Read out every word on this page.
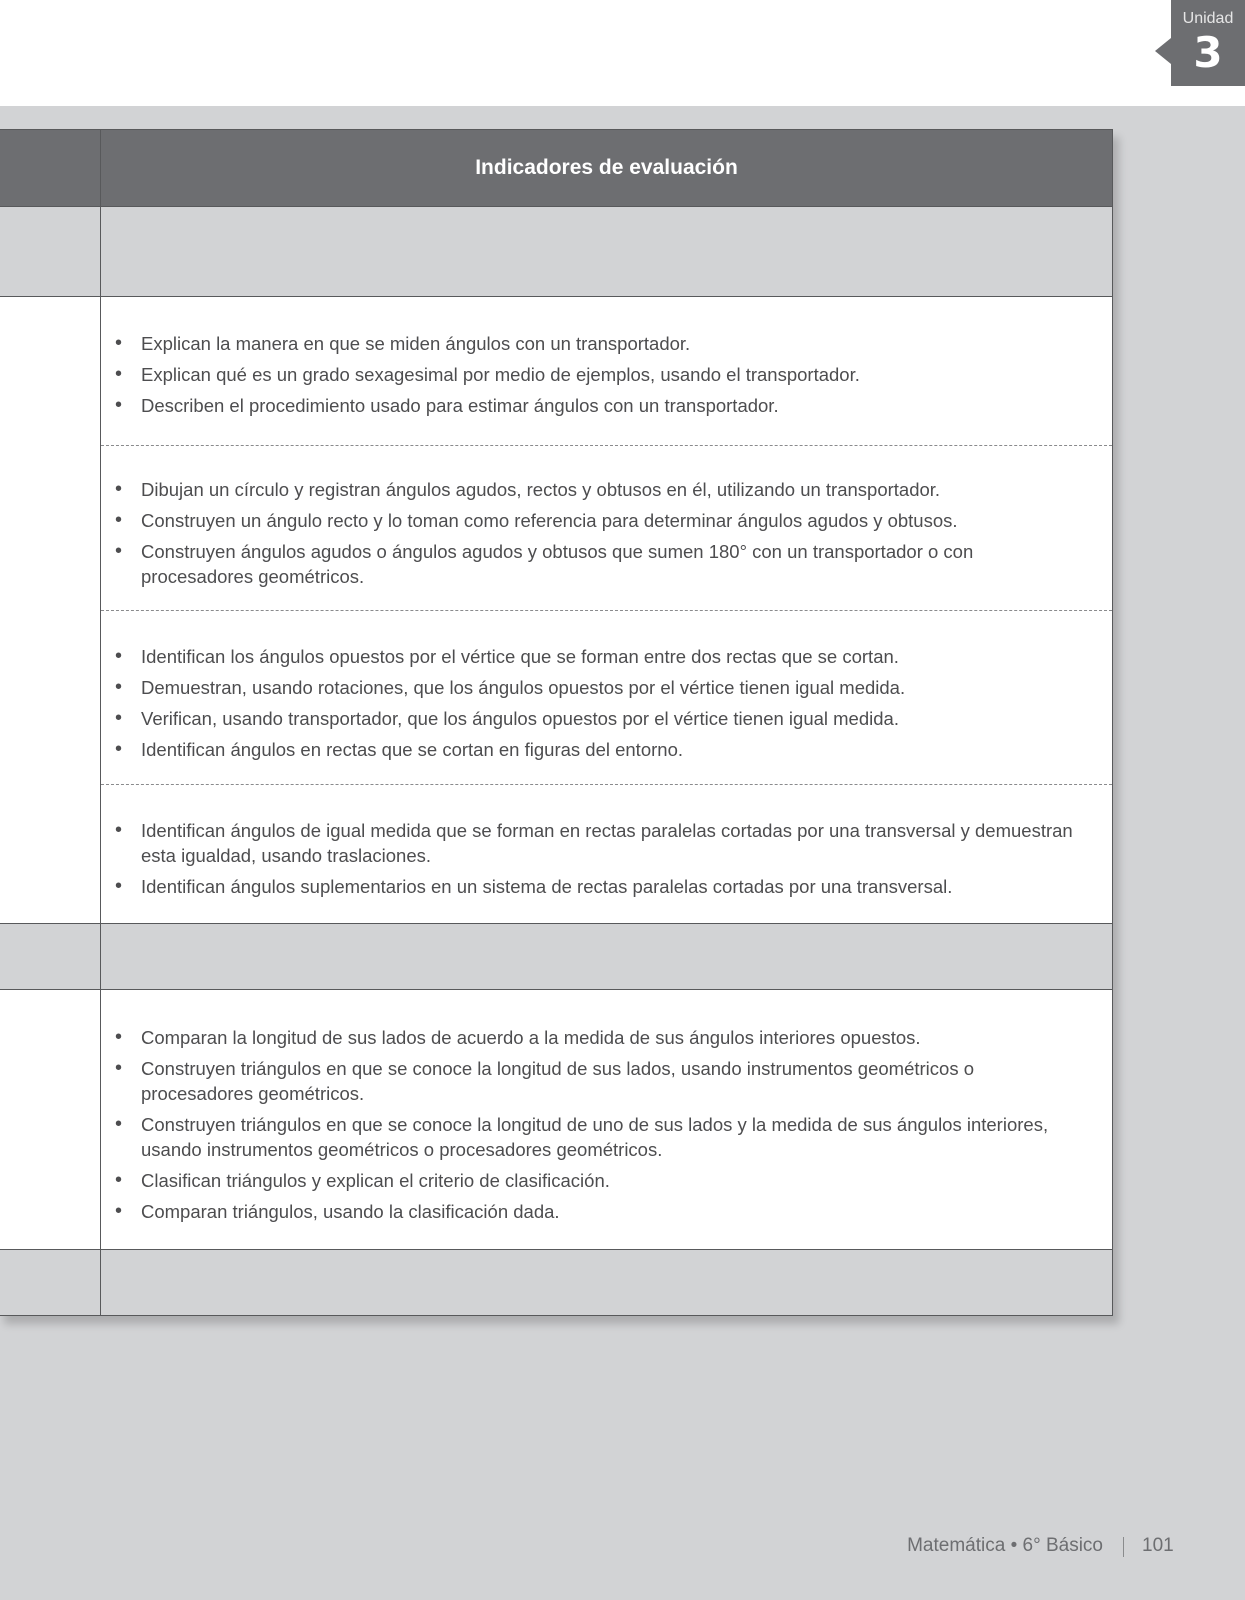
Unidad
3
Indicadores de evaluación
• Explican la manera en que se miden ángulos con un transportador.
• Explican qué es un grado sexagesimal por medio de ejemplos, usando el transportador.
• Describen el procedimiento usado para estimar ángulos con un transportador.
• Dibujan un círculo y registran ángulos agudos, rectos y obtusos en él, utilizando un transportador.
• Construyen un ángulo recto y lo toman como referencia para determinar ángulos agudos y obtusos.
• Construyen ángulos agudos o ángulos agudos y obtusos que sumen 180° con un transportador o con procesadores geométricos.
• Identifican los ángulos opuestos por el vértice que se forman entre dos rectas que se cortan.
• Demuestran, usando rotaciones, que los ángulos opuestos por el vértice tienen igual medida.
• Verifican, usando transportador, que los ángulos opuestos por el vértice tienen igual medida.
• Identifican ángulos en rectas que se cortan en figuras del entorno.
• Identifican ángulos de igual medida que se forman en rectas paralelas cortadas por una transversal y demuestran esta igualdad, usando traslaciones.
• Identifican ángulos suplementarios en un sistema de rectas paralelas cortadas por una transversal.
• Comparan la longitud de sus lados de acuerdo a la medida de sus ángulos interiores opuestos.
• Construyen triángulos en que se conoce la longitud de sus lados, usando instrumentos geométricos o procesadores geométricos.
• Construyen triángulos en que se conoce la longitud de uno de sus lados y la medida de sus ángulos interiores, usando instrumentos geométricos o procesadores geométricos.
• Clasifican triángulos y explican el criterio de clasificación.
• Comparan triángulos, usando la clasificación dada.
Matemática • 6° Básico 101
